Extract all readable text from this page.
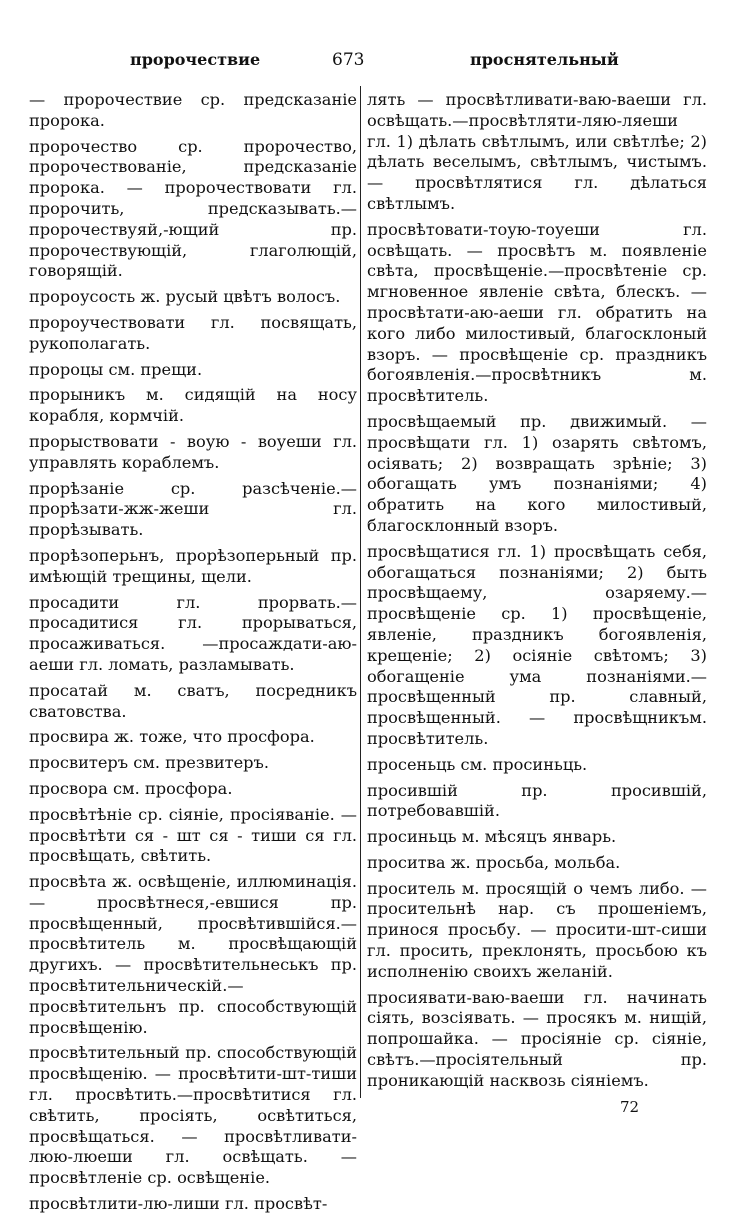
пророчествие	673	проснятельный

— пророчествие ср. предсказаніе пророка.

пророчество ср. пророчество, пророчествованіе, предсказаніе пророка. — пророчествовати гл. пророчить, предсказывать.—пророчествуяй,-ющий пр. пророчествующій, глаголющій, говорящій.

пророусость ж. русый цвѣтъ волосъ.

пророучествовати гл. посвящать, рукополагать.

пророцы см. прещи.

прорыникъ м. сидящій на носу корабля, кормчій.

прорыствовати - воую - воуеши гл. управлять кораблемъ.

прорѣзаніе ср. разсѣченіе.—прорѣзати-жж-жеши гл. прорѣзывать.

прорѣзоперьнъ, прорѣзоперьный пр. имѣющій трещины, щели.

просадити гл. прорвать.—просадитися гл. прорываться, просаживаться. —просаждати-аю-аеши гл. ломать, разламывать.

просатай м. сватъ, посредникъ сватовства.

просвира ж. тоже, что просфора.

просвитеръ см. презвитеръ.

просвора см. просфора.

просвѣтѣніе ср. сіяніе, просіяваніе. —просвѣтѣти ся - шт ся - тиши ся гл. просвѣщать, свѣтить.

просвѣта ж. освѣщеніе, иллюминація. — просвѣтнеся,-евшися пр. просвѣщенный, просвѣтившійся.— просвѣтитель м. просвѣщающій другихъ. — просвѣтительнеськъ пр. просвѣтительническій.— просвѣтительнъ пр. способствующій просвѣщенію.

просвѣтительный пр. способствующій просвѣщенію. — просвѣтити-шт-тиши гл. просвѣтить.—просвѣтитися гл. свѣтить, просіять, освѣтиться, просвѣщаться. — просвѣтливати-люю-люеши гл. освѣщать. —просвѣтленіе ср. освѣщеніе.

просвѣтлити-лю-лиши гл. просвѣт-

лять — просвѣтливати-ваю-ваеши гл. освѣщать.—просвѣтляти-ляю-ляеши гл. 1) дѣлать свѣтлымъ, или свѣтлѣе; 2) дѣлать веселымъ, свѣтлымъ, чистымъ. — просвѣтлятися гл. дѣлаться свѣтлымъ.

просвѣтовати-тоую-тоуеши гл. освѣщать. — просвѣтъ м. появленіе свѣта, просвѣщеніе.—просвѣтеніе ср. мгновенное явленіе свѣта, блескъ. — просвѣтати-аю-аеши гл. обратить на кого либо милостивый, благосклоный взоръ. — просвѣщеніе ср. праздникъ богоявленія.—просвѣтникъ м. просвѣтитель.

просвѣщаемый пр. движимый. — просвѣщати гл. 1) озарять свѣтомъ, осіявать; 2) возвращать зрѣніе; 3) обогащать умъ познаніями; 4) обратить на кого милостивый, благосклонный взоръ.

просвѣщатися гл. 1) просвѣщать себя, обогащаться познаніями; 2) быть просвѣщаему, озаряему.— просвѣщеніе ср. 1) просвѣщеніе, явленіе, праздникъ богоявленія, крещеніе; 2) осіяніе свѣтомъ; 3) обогащеніе ума познаніями.—просвѣщенный пр. славный, просвѣщенный. — просвѣщникъм. просвѣтитель.

просеньць см. просиньць.

просившій пр. просившій, потребовавшій.

просиньць м. мѣсяцъ январь.

проситва ж. просьба, мольба.

проситель м. просящій о чемъ либо. —просительнѣ нар. съ прошеніемъ, принося просьбу. — просити-шт-сиши гл. просить, преклонять, просьбою къ исполненію своихъ желаній.

просиявати-ваю-ваеши гл. начинать сіять, возсіявать. — просякъ м. нищій, попрошайка. — просіяніе ср. сіяніе, свѣтъ.—просіятельный пр. проникающій насквозь сіяніемъ.

72
